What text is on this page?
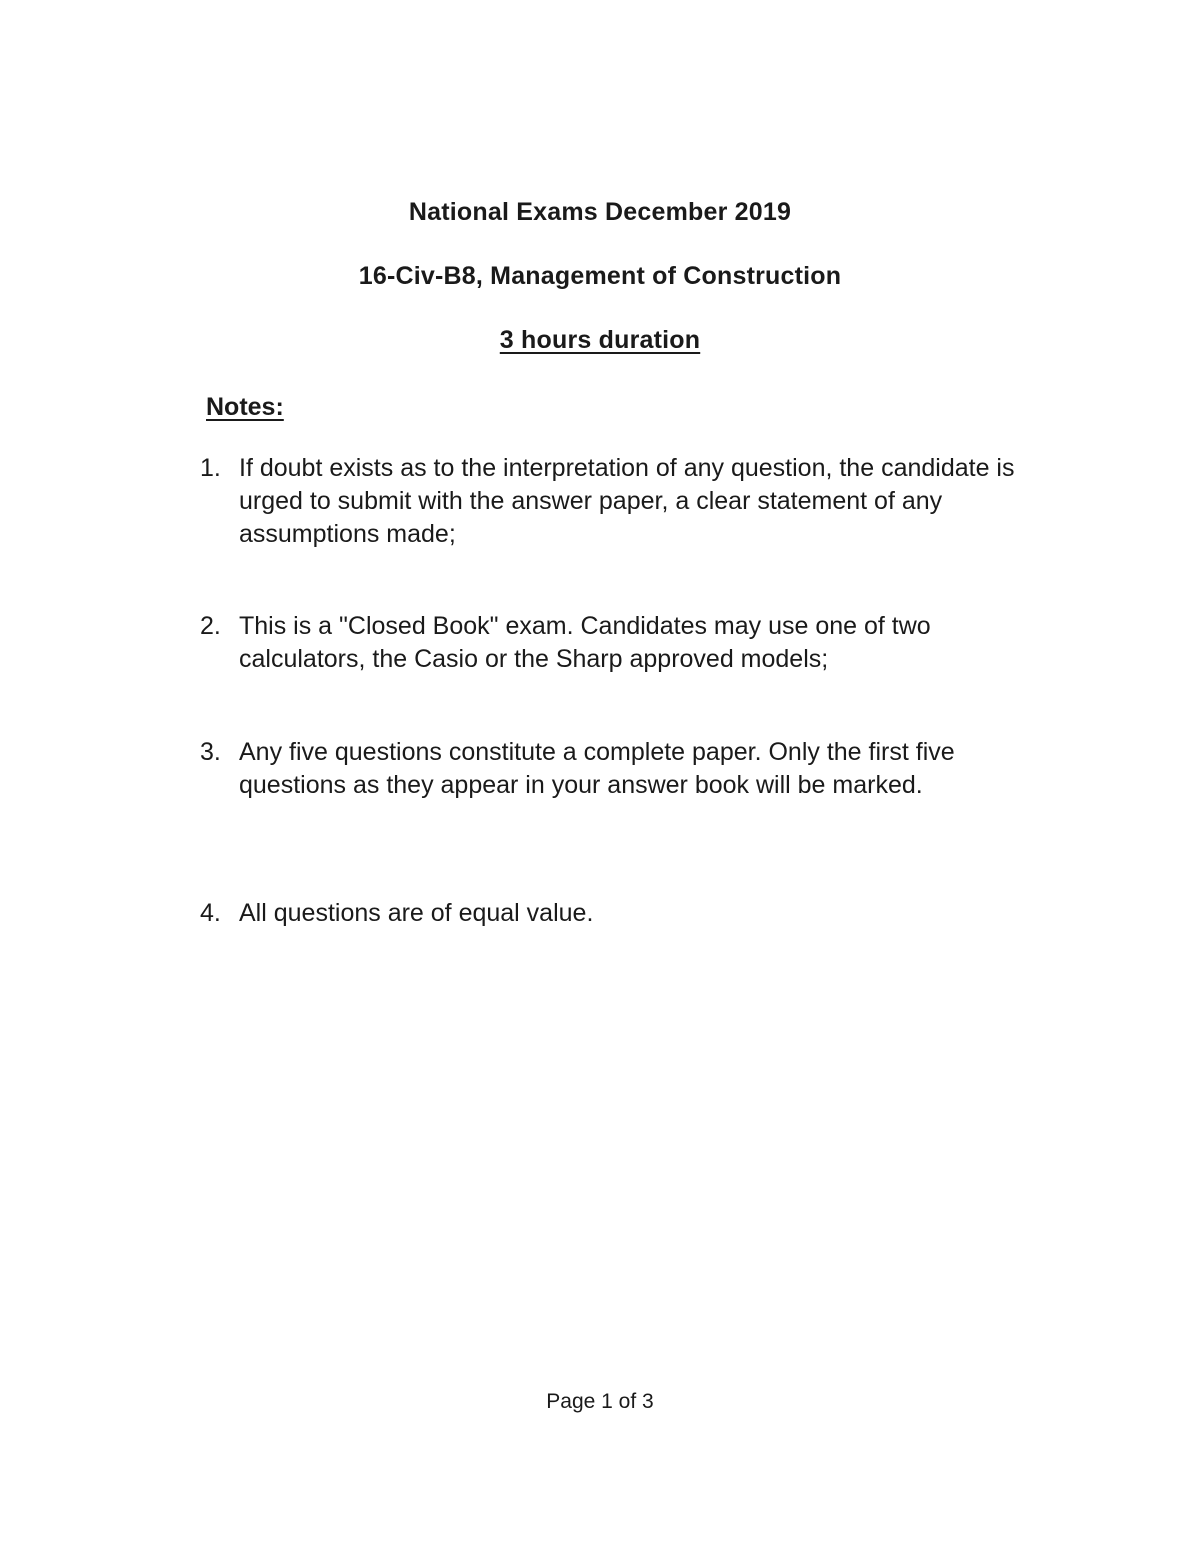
National Exams December 2019
16-Civ-B8, Management of Construction
3 hours duration
Notes:
1. If doubt exists as to the interpretation of any question, the candidate is urged to submit with the answer paper, a clear statement of any assumptions made;
2. This is a "Closed Book" exam. Candidates may use one of two calculators, the Casio or the Sharp approved models;
3. Any five questions constitute a complete paper. Only the first five questions as they appear in your answer book will be marked.
4. All questions are of equal value.
Page 1 of 3
